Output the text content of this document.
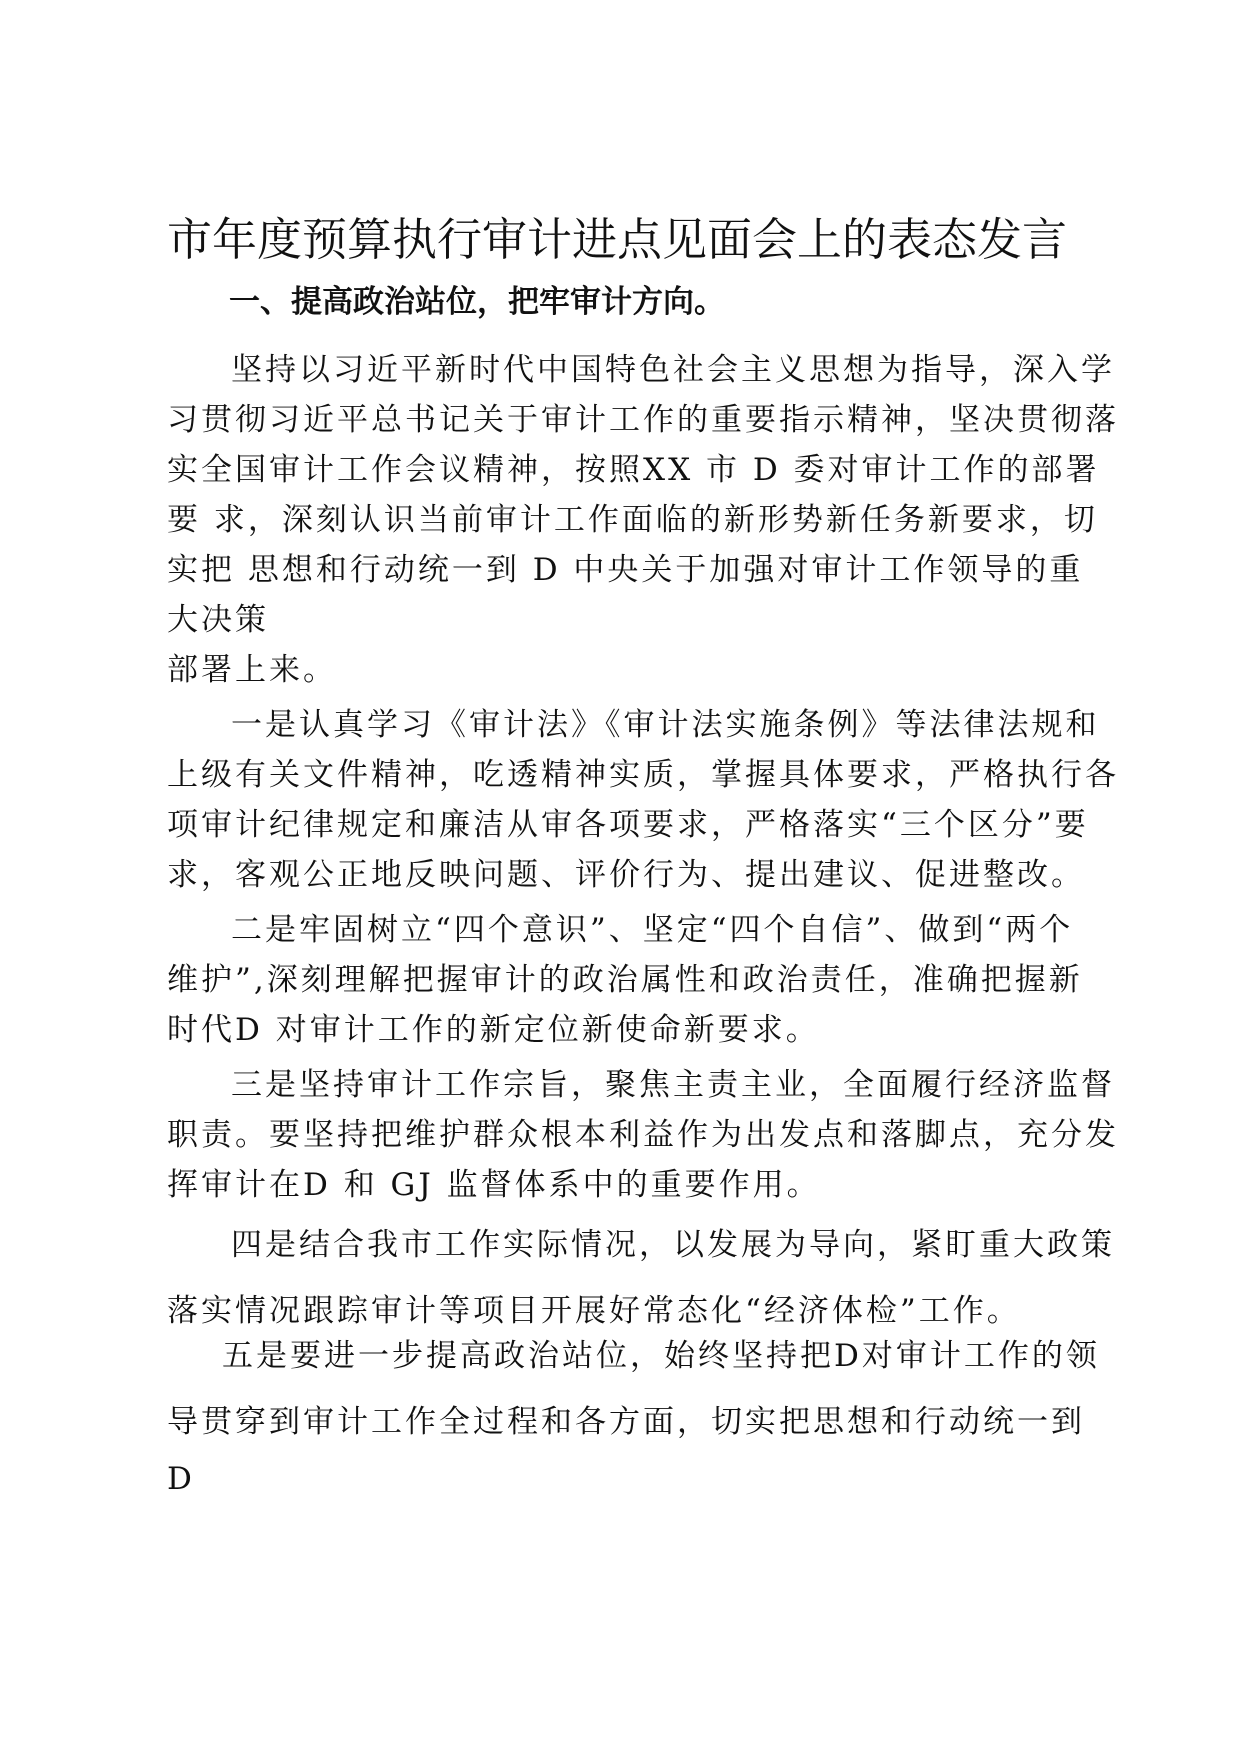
市年度预算执行审计进点见面会上的表态发言
一、提高政治站位，把牢审计方向。
坚持以习近平新时代中国特色社会主义思想为指导，深入学
习贯彻习近平总书记关于审计工作的重要指示精神，坚决贯彻落
实全国审计工作会议精神，按照XX 市 D 委对审计工作的部署
要 求，深刻认识当前审计工作面临的新形势新任务新要求，切
实把 思想和行动统一到 D 中央关于加强对审计工作领导的重
大决策
部署上来。
一是认真学习《审计法》《审计法实施条例》等法律法规和
上级有关文件精神，吃透精神实质，掌握具体要求，严格执行各
项审计纪律规定和廉洁从审各项要求，严格落实“三个区分”要
求，客观公正地反映问题、评价行为、提出建议、促进整改。
二是牢固树立“四个意识”、坚定“四个自信”、做到“两个
维护”,深刻理解把握审计的政治属性和政治责任，准确把握新
时代D 对审计工作的新定位新使命新要求。
三是坚持审计工作宗旨，聚焦主责主业，全面履行经济监督
职责。要坚持把维护群众根本利益作为出发点和落脚点，充分发
挥审计在D 和 GJ 监督体系中的重要作用。
四是结合我市工作实际情况，以发展为导向，紧盯重大政策
落实情况跟踪审计等项目开展好常态化“经济体检”工作。
五是要进一步提高政治站位，始终坚持把D对审计工作的领
导贯穿到审计工作全过程和各方面，切实把思想和行动统一到
D
